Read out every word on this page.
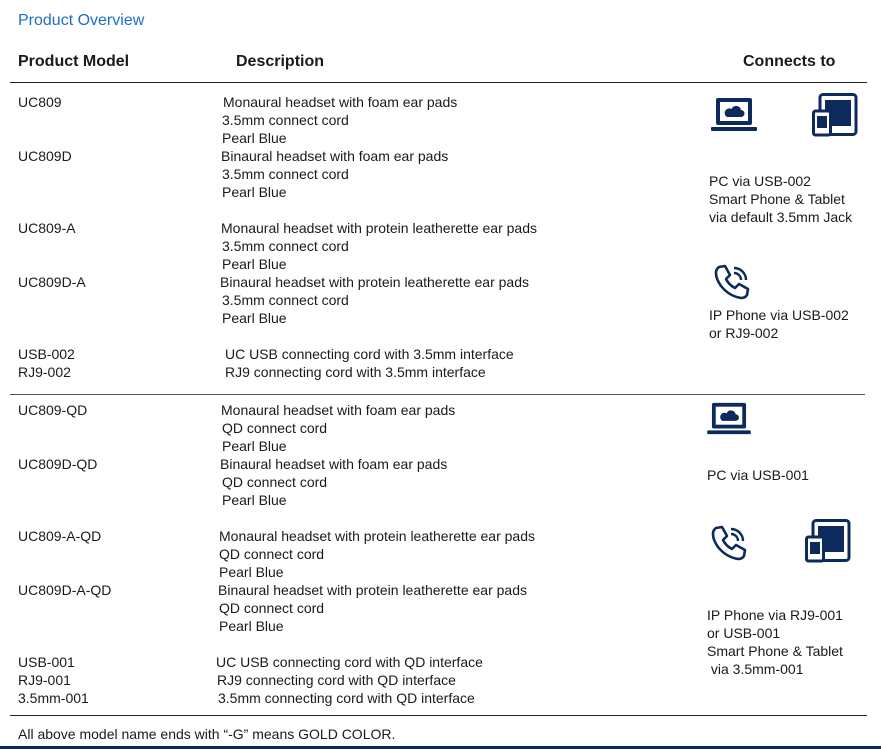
Product Overview
Product Model	Description	Connects to
UC809
UC809D
UC809-A
UC809D-A
USB-002
RJ9-002
Monaural headset with foam ear pads
3.5mm connect cord
Pearl Blue
Binaural headset with foam ear pads
3.5mm connect cord
Pearl Blue
Monaural headset with protein leatherette ear pads
3.5mm connect cord
Pearl Blue
Binaural headset with protein leatherette ear pads
3.5mm connect cord
Pearl Blue
UC USB connecting cord with 3.5mm interface
RJ9 connecting cord with 3.5mm interface
PC via USB-002
Smart Phone & Tablet
via default 3.5mm Jack
IP Phone via USB-002
or RJ9-002
UC809-QD
UC809D-QD
UC809-A-QD
UC809D-A-QD
USB-001
RJ9-001
3.5mm-001
Monaural headset with foam ear pads
QD connect cord
Pearl Blue
Binaural headset with foam ear pads
QD connect cord
Pearl Blue
Monaural headset with protein leatherette ear pads
QD connect cord
Pearl Blue
Binaural headset with protein leatherette ear pads
QD connect cord
Pearl Blue
UC USB connecting cord with QD interface
RJ9 connecting cord with QD interface
3.5mm connecting cord with QD interface
PC via USB-001
IP Phone via RJ9-001
or USB-001
Smart Phone & Tablet
via 3.5mm-001
All above model name ends with “-G” means GOLD COLOR.
